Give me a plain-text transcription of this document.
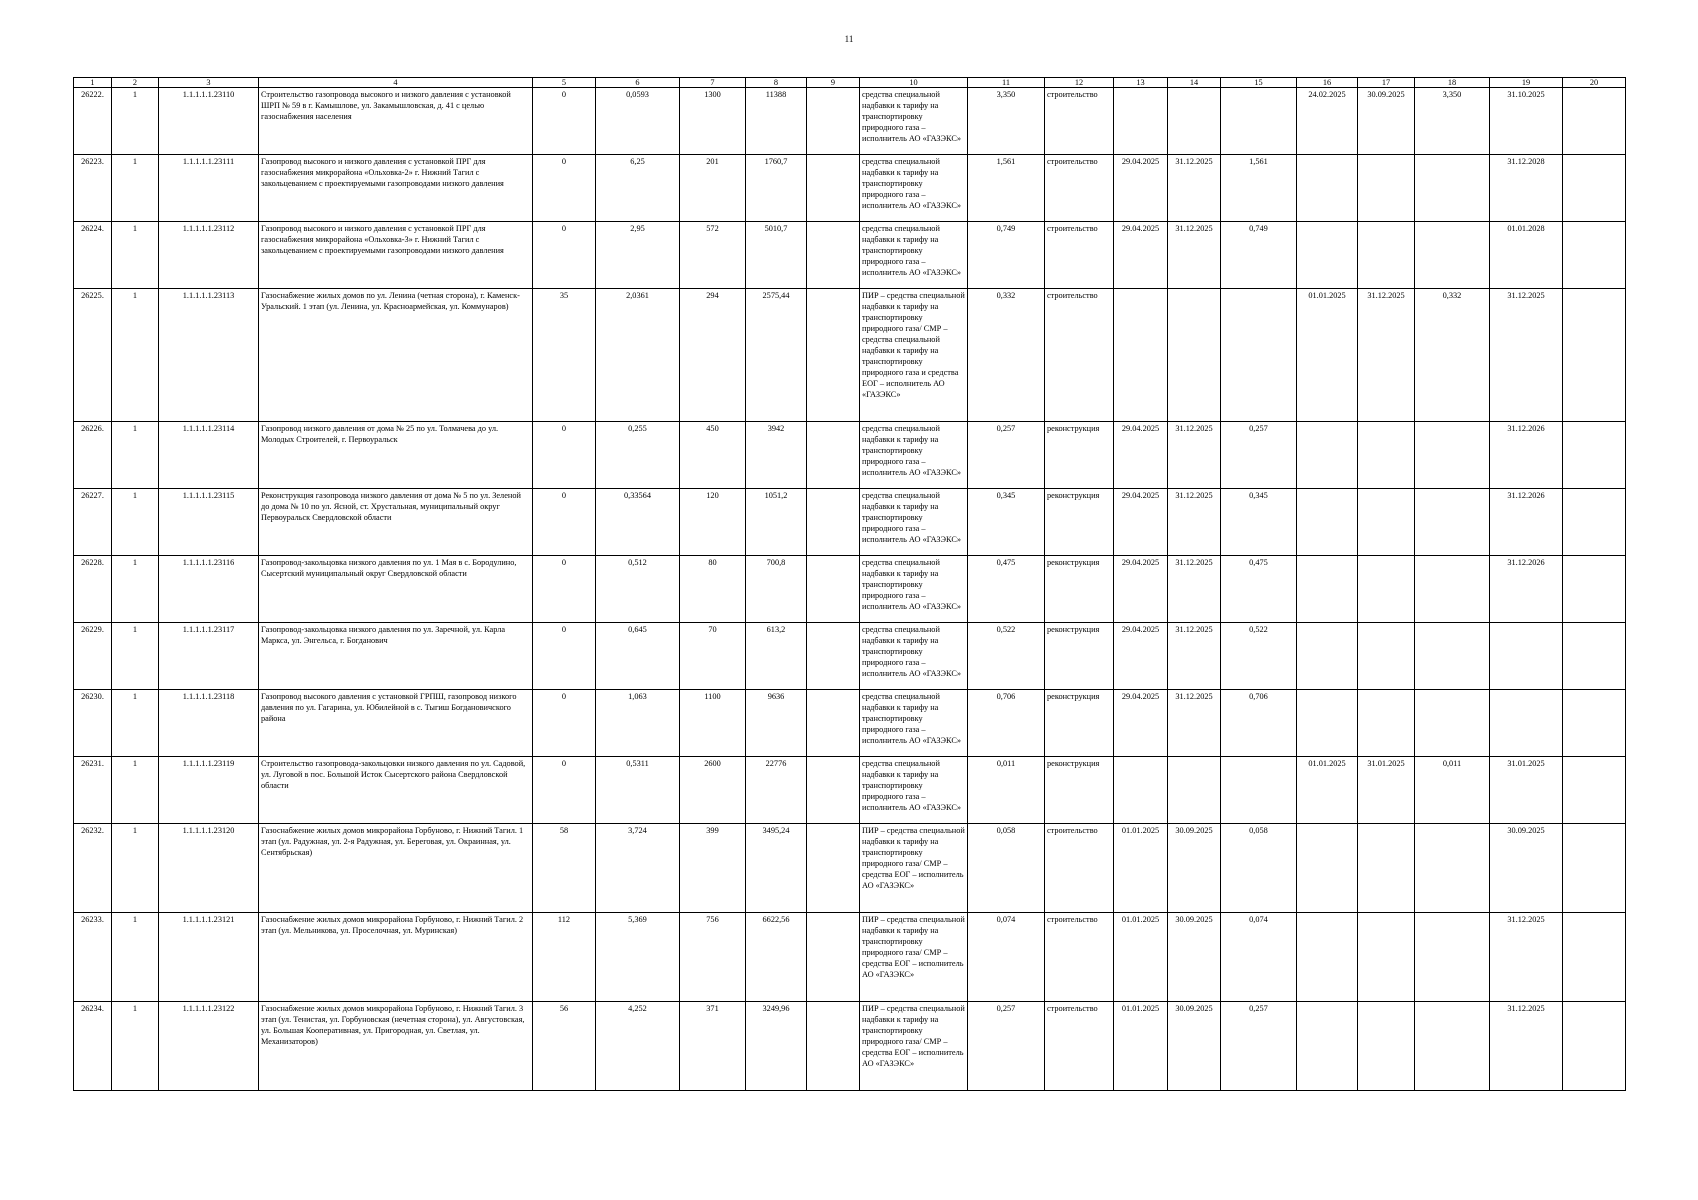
11
1	2	3	4	5	6	7	8	9	10	11	12	13	14	15	16	17	18	19	20
26222.	1	1.1.1.1.1.23110	Строительство газопровода высокого и низкого давления с установкой ШРП № 59 в г. Камышлове, ул. Закамышловская, д. 41 с целью газоснабжения населения	0	0,0593	1300	11388		средства специальной надбавки к тарифу на транспортировку природного газа – исполнитель АО «ГАЗЭКС»	3,350	строительство				24.02.2025	30.09.2025	3,350	31.10.2025	
26223.	1	1.1.1.1.1.23111	Газопровод высокого и низкого давления с установкой ПРГ для газоснабжения микрорайона «Ольховка-2» г. Нижний Тагил с закольцеванием с проектируемыми газопроводами низкого давления	0	6,25	201	1760,7		средства специальной надбавки к тарифу на транспортировку природного газа – исполнитель АО «ГАЗЭКС»	1,561	строительство	29.04.2025	31.12.2025	1,561				31.12.2028	
26224.	1	1.1.1.1.1.23112	Газопровод высокого и низкого давления с установкой ПРГ для газоснабжения микрорайона «Ольховка-3» г. Нижний Тагил с закольцеванием с проектируемыми газопроводами низкого давления	0	2,95	572	5010,7		средства специальной надбавки к тарифу на транспортировку природного газа – исполнитель АО «ГАЗЭКС»	0,749	строительство	29.04.2025	31.12.2025	0,749				01.01.2028	
26225.	1	1.1.1.1.1.23113	Газоснабжение жилых домов по ул. Ленина (четная сторона), г. Каменск-Уральский. 1 этап (ул. Ленина, ул. Красноармейская, ул. Коммунаров)	35	2,0361	294	2575,44		ПИР – средства специальной надбавки к тарифу на транспортировку природного газа/ СМР – средства специальной надбавки к тарифу на транспортировку природного газа и средства ЕОГ – исполнитель АО «ГАЗЭКС»	0,332	строительство				01.01.2025	31.12.2025	0,332	31.12.2025	
26226.	1	1.1.1.1.1.23114	Газопровод низкого давления от дома № 25 по ул. Толмачева до ул. Молодых Строителей, г. Первоуральск	0	0,255	450	3942		средства специальной надбавки к тарифу на транспортировку природного газа – исполнитель АО «ГАЗЭКС»	0,257	реконструкция	29.04.2025	31.12.2025	0,257				31.12.2026	
26227.	1	1.1.1.1.1.23115	Реконструкция газопровода низкого давления от дома № 5 по ул. Зеленой до дома № 10 по ул. Ясной, ст. Хрустальная, муниципальный округ Первоуральск Свердловской области	0	0,33564	120	1051,2		средства специальной надбавки к тарифу на транспортировку природного газа – исполнитель АО «ГАЗЭКС»	0,345	реконструкция	29.04.2025	31.12.2025	0,345				31.12.2026	
26228.	1	1.1.1.1.1.23116	Газопровод-закольцовка низкого давления по ул. 1 Мая в с. Бородулино, Сысертский муниципальный округ Свердловской области	0	0,512	80	700,8		средства специальной надбавки к тарифу на транспортировку природного газа – исполнитель АО «ГАЗЭКС»	0,475	реконструкция	29.04.2025	31.12.2025	0,475				31.12.2026	
26229.	1	1.1.1.1.1.23117	Газопровод-закольцовка низкого давления по ул. Заречной, ул. Карла Маркса, ул. Энгельса, г. Богданович	0	0,645	70	613,2		средства специальной надбавки к тарифу на транспортировку природного газа – исполнитель АО «ГАЗЭКС»	0,522	реконструкция	29.04.2025	31.12.2025	0,522					
26230.	1	1.1.1.1.1.23118	Газопровод высокого давления с установкой ГРПШ, газопровод низкого давления по ул. Гагарина, ул. Юбилейной в с. Тыгиш Богдановичского района	0	1,063	1100	9636		средства специальной надбавки к тарифу на транспортировку природного газа – исполнитель АО «ГАЗЭКС»	0,706	реконструкция	29.04.2025	31.12.2025	0,706					
26231.	1	1.1.1.1.1.23119	Строительство газопровода-закольцовки низкого давления по ул. Садовой, ул. Луговой в пос. Большой Исток Сысертского района Свердловской области	0	0,5311	2600	22776		средства специальной надбавки к тарифу на транспортировку природного газа – исполнитель АО «ГАЗЭКС»	0,011	реконструкция				01.01.2025	31.01.2025	0,011	31.01.2025	
26232.	1	1.1.1.1.1.23120	Газоснабжение жилых домов микрорайона Горбуново, г. Нижний Тагил. 1 этап (ул. Радужная, ул. 2-я Радужная, ул. Береговая, ул. Окраинная, ул. Сентябрьская)	58	3,724	399	3495,24		ПИР – средства специальной надбавки к тарифу на транспортировку природного газа/ СМР – средства ЕОГ – исполнитель АО «ГАЗЭКС»	0,058	строительство	01.01.2025	30.09.2025	0,058				30.09.2025	
26233.	1	1.1.1.1.1.23121	Газоснабжение жилых домов микрорайона Горбуново, г. Нижний Тагил. 2 этап (ул. Мельникова, ул. Проселочная, ул. Муринская)	112	5,369	756	6622,56		ПИР – средства специальной надбавки к тарифу на транспортировку природного газа/ СМР – средства ЕОГ – исполнитель АО «ГАЗЭКС»	0,074	строительство	01.01.2025	30.09.2025	0,074				31.12.2025	
26234.	1	1.1.1.1.1.23122	Газоснабжение жилых домов микрорайона Горбуново, г. Нижний Тагил. 3 этап (ул. Тенистая, ул. Горбуновская (нечетная сторона), ул. Августовская, ул. Большая Кооперативная, ул. Пригородная, ул. Светлая, ул. Механизаторов)	56	4,252	371	3249,96		ПИР – средства специальной надбавки к тарифу на транспортировку природного газа/ СМР – средства ЕОГ – исполнитель АО «ГАЗЭКС»	0,257	строительство	01.01.2025	30.09.2025	0,257				31.12.2025	
